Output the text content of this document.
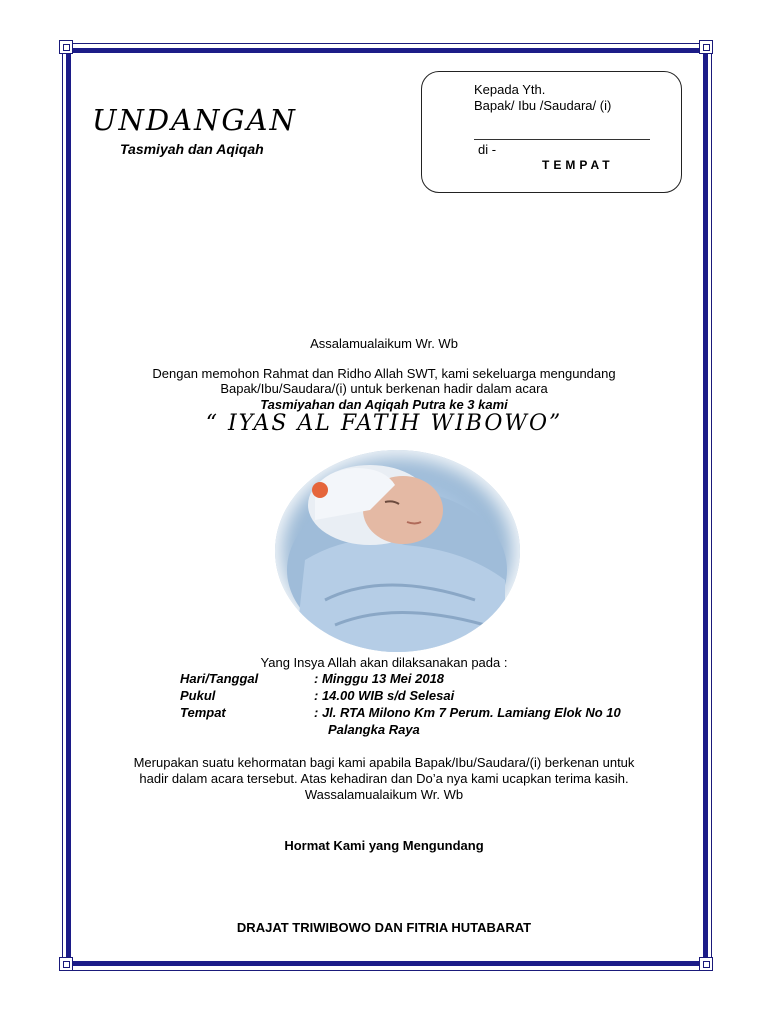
UNDANGAN
Tasmiyah dan Aqiqah
Kepada Yth.
Bapak/ Ibu /Saudara/ (i)
di -
TEMPAT
Assalamualaikum Wr. Wb
Dengan memohon Rahmat dan Ridho Allah SWT, kami sekeluarga mengundang
Bapak/Ibu/Saudara/(i) untuk berkenan hadir dalam acara
Tasmiyahan dan Aqiqah Putra ke 3 kami
“ IYAS AL FATIH WIBOWO”
Yang Insya Allah akan dilaksanakan pada :
Hari/Tanggal	: Minggu 13 Mei 2018
Pukul	: 14.00 WIB s/d Selesai
Tempat	: Jl. RTA Milono Km 7 Perum. Lamiang Elok No 10
Palangka Raya
Merupakan suatu kehormatan bagi kami apabila Bapak/Ibu/Saudara/(i) berkenan untuk
hadir dalam acara tersebut. Atas kehadiran dan Do’a nya kami ucapkan terima kasih.
Wassalamualaikum Wr. Wb
Hormat Kami yang Mengundang
DRAJAT TRIWIBOWO DAN FITRIA HUTABARAT
